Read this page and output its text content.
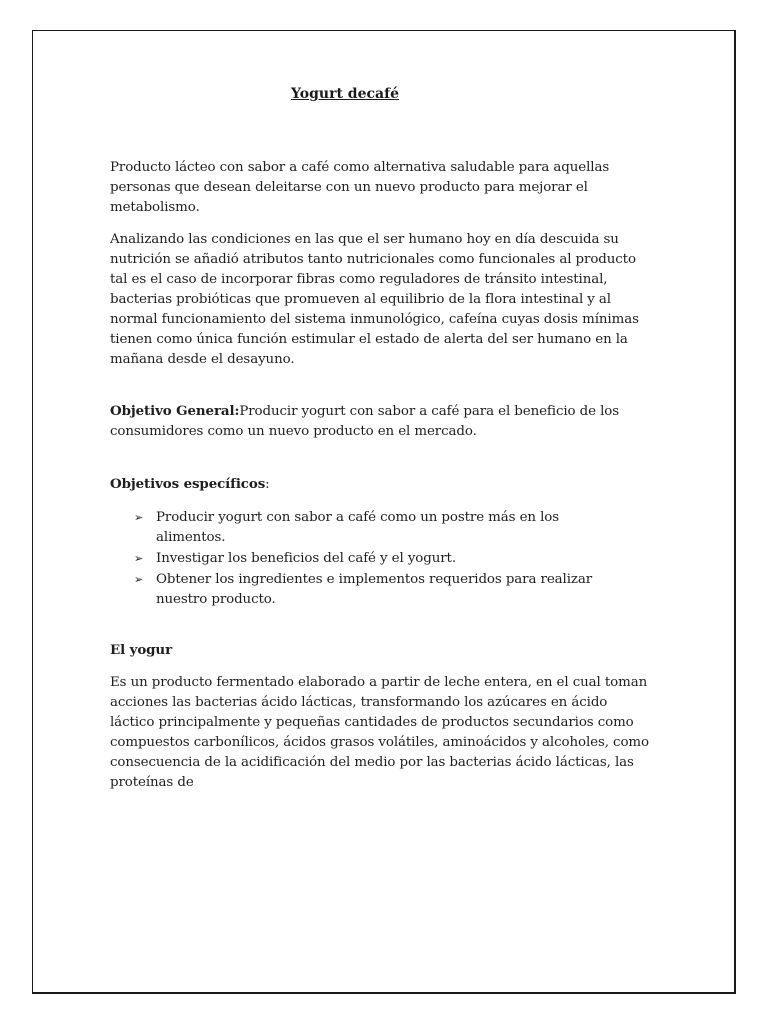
Yogurt decafé

Producto lácteo con sabor a café como alternativa saludable para aquellas personas que desean deleitarse con un nuevo producto para mejorar el metabolismo.

Analizando las condiciones en las que el ser humano hoy en día descuida su nutrición se añadió atributos tanto nutricionales como funcionales al producto tal es el caso de incorporar fibras como reguladores de tránsito intestinal, bacterias probióticas que promueven al equilibrio de la flora intestinal y al normal funcionamiento del sistema inmunológico, cafeína cuyas dosis mínimas tienen como única función estimular el estado de alerta del ser humano en la mañana desde el desayuno.

Objetivo General:Producir yogurt con sabor a café para el beneficio de los consumidores como un nuevo producto en el mercado.

Objetivos específicos:

➢ Producir yogurt con sabor a café como un postre más en los alimentos.
➢ Investigar los beneficios del café y el yogurt.
➢ Obtener los ingredientes e implementos requeridos para realizar nuestro producto.

El yogur

Es un producto fermentado elaborado a partir de leche entera, en el cual toman acciones las bacterias ácido lácticas, transformando los azúcares en ácido láctico principalmente y pequeñas cantidades de productos secundarios como compuestos carbonílicos, ácidos grasos volátiles, aminoácidos y alcoholes, como consecuencia de la acidificación del medio por las bacterias ácido lácticas, las proteínas de
